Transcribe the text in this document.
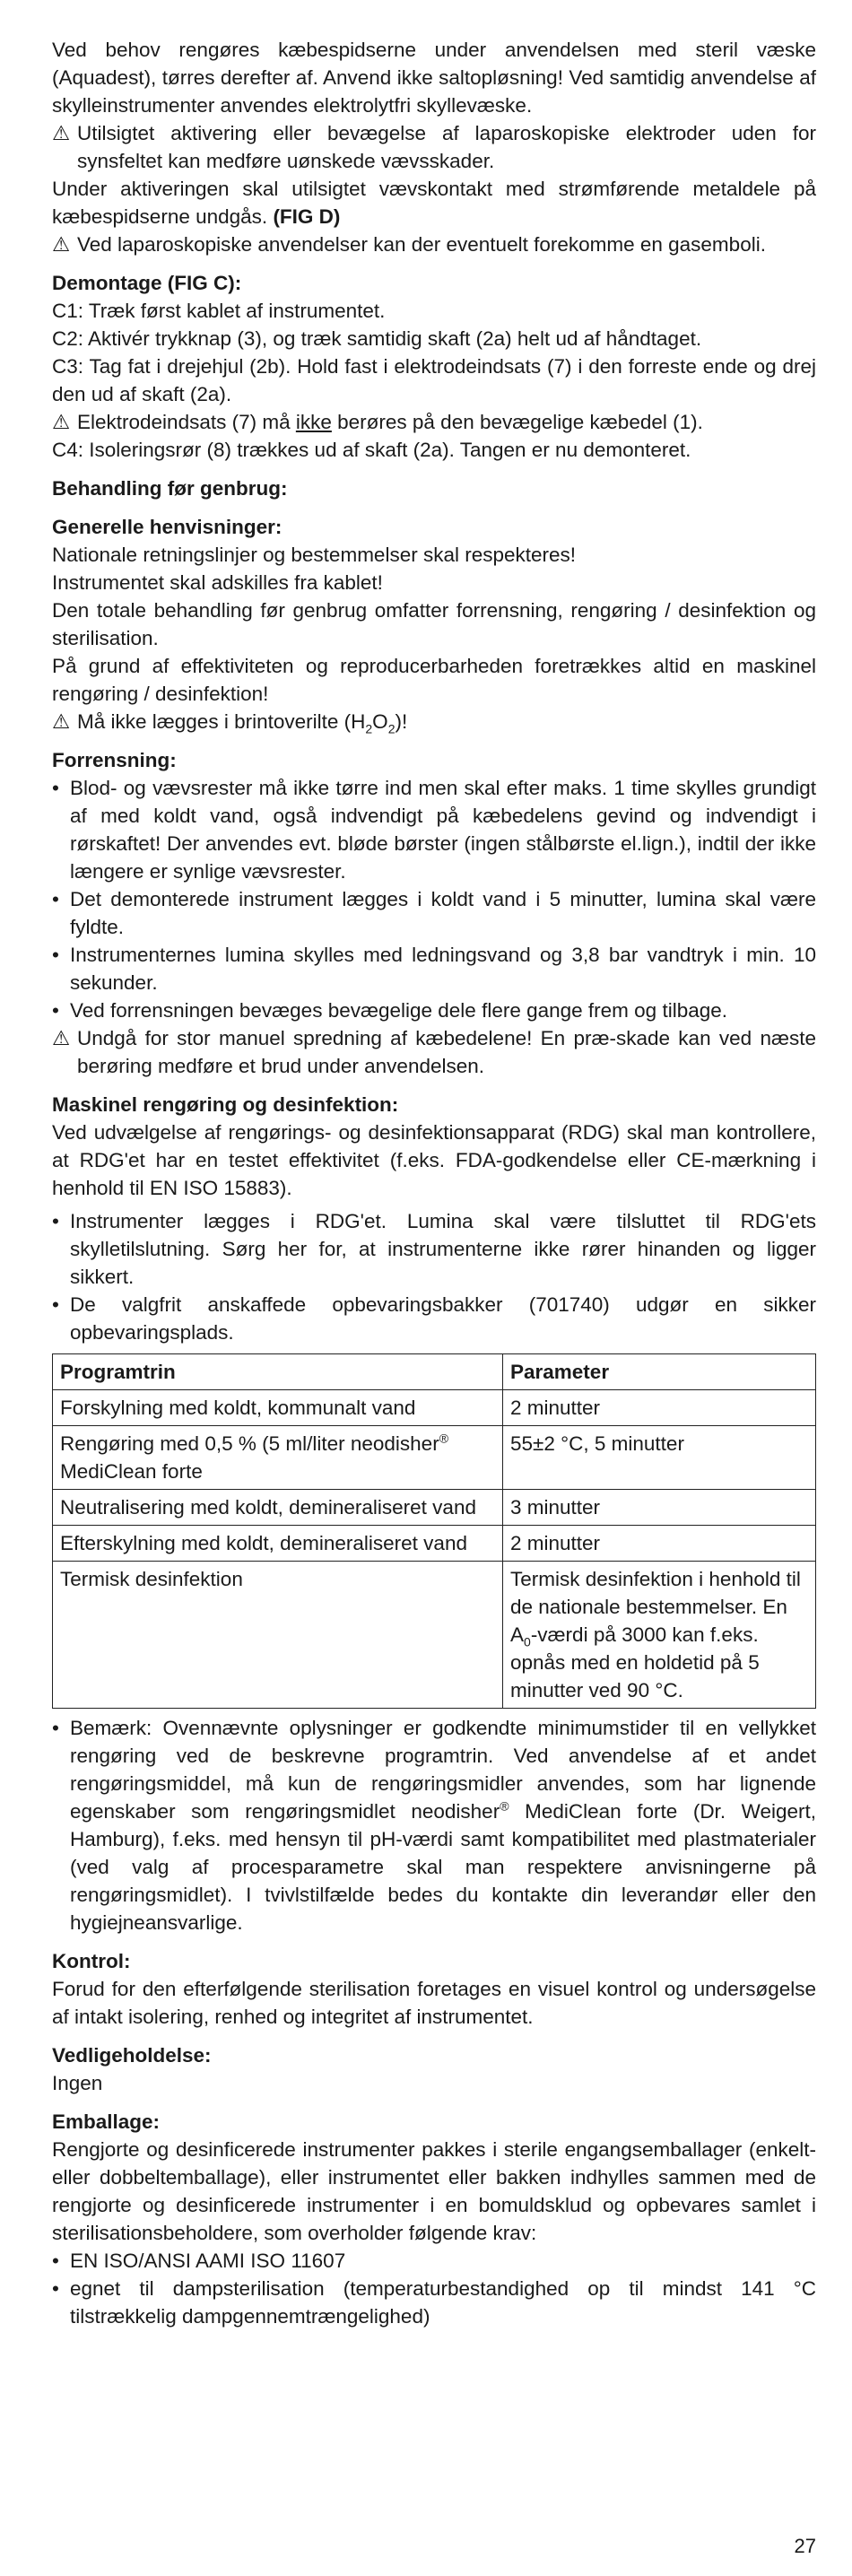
Ved behov rengøres kæbespidserne under anvendelsen med steril væske (Aquadest), tørres derefter af. Anvend ikke saltopløsning! Ved samtidig anvendelse af skylleinstrumenter anvendes elektrolytfri skyllevæske.

⚠ Utilsigtet aktivering eller bevægelse af laparoskopiske elektroder uden for synsfeltet kan medføre uønskede vævsskader.

Under aktiveringen skal utilsigtet vævskontakt med strømførende metaldele på kæbespidserne undgås. (FIG D)

⚠ Ved laparoskopiske anvendelser kan der eventuelt forekomme en gasemboli.

Demontage (FIG C):

C1: Træk først kablet af instrumentet.

C2: Aktivér trykknap (3), og træk samtidig skaft (2a) helt ud af håndtaget.

C3: Tag fat i drejehjul (2b). Hold fast i elektrodeindsats (7) i den forreste ende og drej den ud af skaft (2a).

⚠ Elektrodeindsats (7) må ikke berøres på den bevægelige kæbedel (1).

C4: Isoleringsrør (8) trækkes ud af skaft (2a). Tangen er nu demonteret.

Behandling før genbrug:
Generelle henvisninger:

Nationale retningslinjer og bestemmelser skal respekteres!

Instrumentet skal adskilles fra kablet!

Den totale behandling før genbrug omfatter forrensning, rengøring / desinfektion og sterilisation.

På grund af effektiviteten og reproducerbarheden foretrækkes altid en maskinel rengøring / desinfektion!

⚠ Må ikke lægges i brintoverilte $(H_2O_2)$!

Forrensning:

• Blod- og vævsrester må ikke tørre ind men skal efter maks. 1 time skylles grundigt af med koldt vand, også indvendigt på kæbedelens gevind og indvendigt i rørskaftet! Der anvendes evt. bløde børster (ingen stålbørste el.lign.), indtil der ikke længere er synlige vævsrester.

• Det demonterede instrument lægges i koldt vand i 5 minutter, lumina skal være fyldte.

• Instrumenternes lumina skylles med ledningsvand og 3,8 bar vandtryk i min. 10 sekunder.

• Ved forrensningen bevæges bevægelige dele flere gange frem og tilbage.

⚠ Undgå for stor manuel spredning af kæbedelene! En præ-skade kan ved næste berøring medføre et brud under anvendelsen.

Maskinel rengøring og desinfektion:

Ved udvælgelse af rengørings- og desinfektionsapparat (RDG) skal man kontrollere, at RDG'et har en testet effektivitet (f.eks. FDA-godkendelse eller CE-mærkning i henhold til EN ISO 15883).

• Instrumenter lægges i RDG'et. Lumina skal være tilsluttet til RDG'ets skylletilslutning. Sørg her for, at instrumenterne ikke rører hinanden og ligger sikkert.

• De valgfrit anskaffede opbevaringsbakker (701740) udgør en sikker opbevaringsplads.

Programtrin	Parameter
Forskylning med koldt, kommunalt vand	2 minutter
Rengøring med 0,5 % (5 ml/liter neodisher® MediClean forte	55±2 °C, 5 minutter
Neutralisering med koldt, demineraliseret vand	3 minutter
Efterskylning med koldt, demineraliseret vand	2 minutter
Termisk desinfektion	Termisk desinfektion i henhold til de nationale bestemmelser. En $A_0$-værdi på 3000 kan f.eks. opnås med en holdetid på 5 minutter ved 90 °C.

• Bemærk: Ovennævnte oplysninger er godkendte minimumstider til en vellykket rengøring ved de beskrevne programtrin. Ved anvendelse af et andet rengøringsmiddel, må kun de rengøringsmidler anvendes, som har lignende egenskaber som rengøringsmidlet neodisher® MediClean forte (Dr. Weigert, Hamburg), f.eks. med hensyn til pH-værdi samt kompatibilitet med plastmaterialer (ved valg af procesparametre skal man respektere anvisningerne på rengøringsmidlet). I tvivlstilfælde bedes du kontakte din leverandør eller den hygiejneansvarlige.

Kontrol:

Forud for den efterfølgende sterilisation foretages en visuel kontrol og undersøgelse af intakt isolering, renhed og integritet af instrumentet.

Vedligeholdelse:

Ingen

Emballage:

Rengjorte og desinficerede instrumenter pakkes i sterile engangsemballager (enkelt- eller dobbeltemballage), eller instrumentet eller bakken indhylles sammen med de rengjorte og desinficerede instrumenter i en bomuldsklud og opbevares samlet i sterilisationsbeholdere, som overholder følgende krav:

• EN ISO/ANSI AAMI ISO 11607

• egnet til dampsterilisation (temperaturbestandighed op til mindst 141 °C tilstrækkelig dampgennemtrængelighed)

27
